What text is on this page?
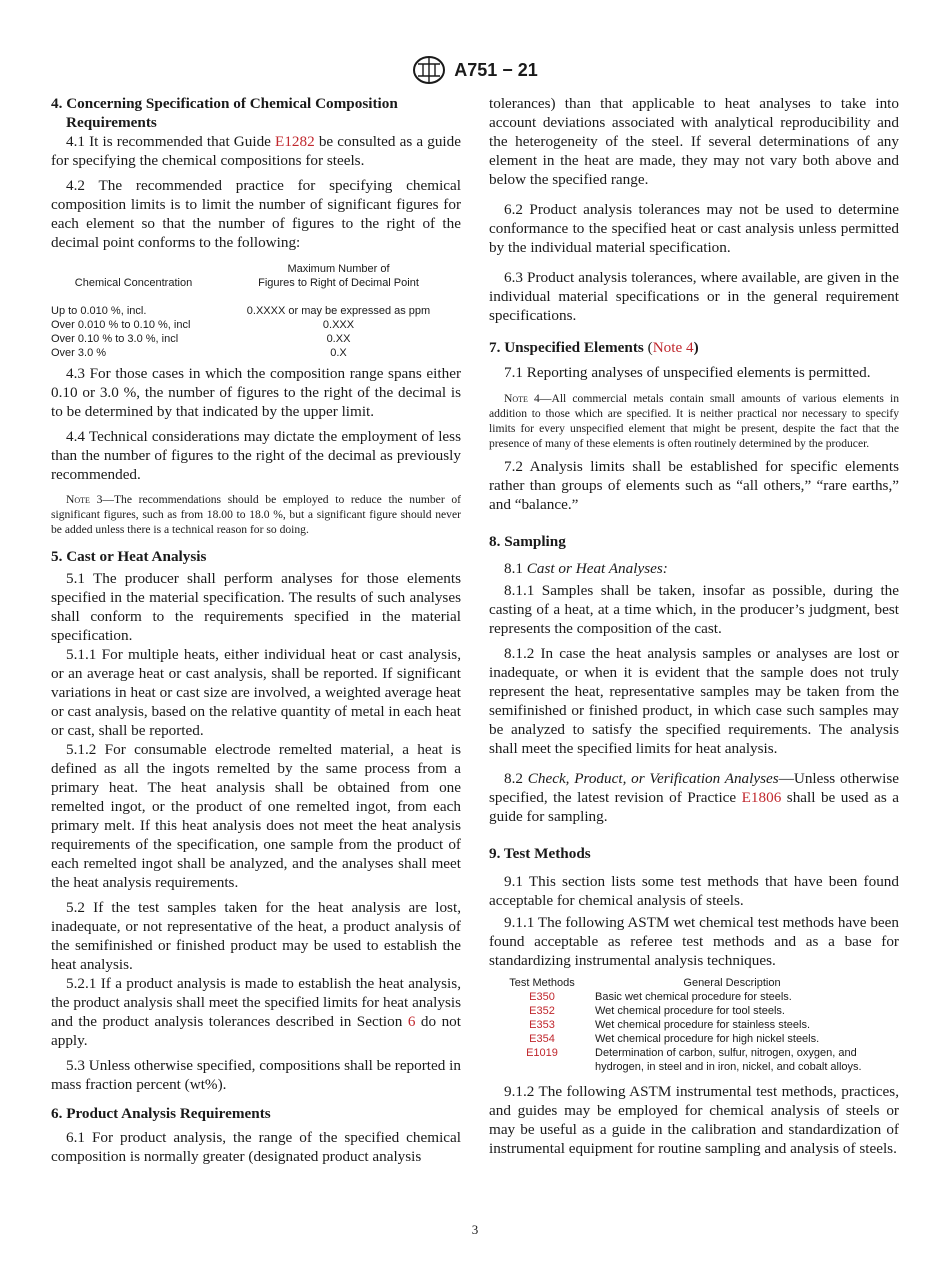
A751 − 21
4. Concerning Specification of Chemical Composition Requirements

4.1 It is recommended that Guide E1282 be consulted as a guide for specifying the chemical compositions for steels.

4.2 The recommended practice for specifying chemical composition limits is to limit the number of significant figures for each element so that the number of figures to the right of the decimal point conforms to the following:

Chemical Concentration	Maximum Number of
Figures to Right of Decimal Point
Up to 0.010 %, incl.	0.XXXX or may be expressed as ppm
Over 0.010 % to 0.10 %, incl	0.XXX
Over 0.10 % to 3.0 %, incl	0.XX
Over 3.0 %	0.X

4.3 For those cases in which the composition range spans either 0.10 or 3.0 %, the number of figures to the right of the decimal is to be determined by that indicated by the upper limit.

4.4 Technical considerations may dictate the employment of less than the number of figures to the right of the decimal as previously recommended.

Note 3—The recommendations should be employed to reduce the number of significant figures, such as from 18.00 to 18.0 %, but a significant figure should never be added unless there is a technical reason for so doing.

5. Cast or Heat Analysis

5.1 The producer shall perform analyses for those elements specified in the material specification. The results of such analyses shall conform to the requirements specified in the material specification.

5.1.1 For multiple heats, either individual heat or cast analysis, or an average heat or cast analysis, shall be reported. If significant variations in heat or cast size are involved, a weighted average heat or cast analysis, based on the relative quantity of metal in each heat or cast, shall be reported.

5.1.2 For consumable electrode remelted material, a heat is defined as all the ingots remelted by the same process from a primary heat. The heat analysis shall be obtained from one remelted ingot, or the product of one remelted ingot, from each primary melt. If this heat analysis does not meet the heat analysis requirements of the specification, one sample from the product of each remelted ingot shall be analyzed, and the analyses shall meet the heat analysis requirements.

5.2 If the test samples taken for the heat analysis are lost, inadequate, or not representative of the heat, a product analysis of the semifinished or finished product may be used to establish the heat analysis.

5.2.1 If a product analysis is made to establish the heat analysis, the product analysis shall meet the specified limits for heat analysis and the product analysis tolerances described in Section 6 do not apply.

5.3 Unless otherwise specified, compositions shall be reported in mass fraction percent (wt%).

6. Product Analysis Requirements

6.1 For product analysis, the range of the specified chemical composition is normally greater (designated product analysis

tolerances) than that applicable to heat analyses to take into account deviations associated with analytical reproducibility and the heterogeneity of the steel. If several determinations of any element in the heat are made, they may not vary both above and below the specified range.

6.2 Product analysis tolerances may not be used to determine conformance to the specified heat or cast analysis unless permitted by the individual material specification.

6.3 Product analysis tolerances, where available, are given in the individual material specifications or in the general requirement specifications.

7. Unspecified Elements (Note 4)

7.1 Reporting analyses of unspecified elements is permitted.

Note 4—All commercial metals contain small amounts of various elements in addition to those which are specified. It is neither practical nor necessary to specify limits for every unspecified element that might be present, despite the fact that the presence of many of these elements is often routinely determined by the producer.

7.2 Analysis limits shall be established for specific elements rather than groups of elements such as “all others,” “rare earths,” and “balance.”

8. Sampling

8.1 Cast or Heat Analyses:

8.1.1 Samples shall be taken, insofar as possible, during the casting of a heat, at a time which, in the producer’s judgment, best represents the composition of the cast.

8.1.2 In case the heat analysis samples or analyses are lost or inadequate, or when it is evident that the sample does not truly represent the heat, representative samples may be taken from the semifinished or finished product, in which case such samples may be analyzed to satisfy the specified requirements. The analysis shall meet the specified limits for heat analysis.

8.2 Check, Product, or Verification Analyses—Unless otherwise specified, the latest revision of Practice E1806 shall be used as a guide for sampling.

9. Test Methods

9.1 This section lists some test methods that have been found acceptable for chemical analysis of steels.

9.1.1 The following ASTM wet chemical test methods have been found acceptable as referee test methods and as a base for standardizing instrumental analysis techniques.

Test Methods	General Description
E350	Basic wet chemical procedure for steels.
E352	Wet chemical procedure for tool steels.
E353	Wet chemical procedure for stainless steels.
E354	Wet chemical procedure for high nickel steels.
E1019	Determination of carbon, sulfur, nitrogen, oxygen, and hydrogen, in steel and in iron, nickel, and cobalt alloys.

9.1.2 The following ASTM instrumental test methods, practices, and guides may be employed for chemical analysis of steels or may be useful as a guide in the calibration and standardization of instrumental equipment for routine sampling and analysis of steels.

3
